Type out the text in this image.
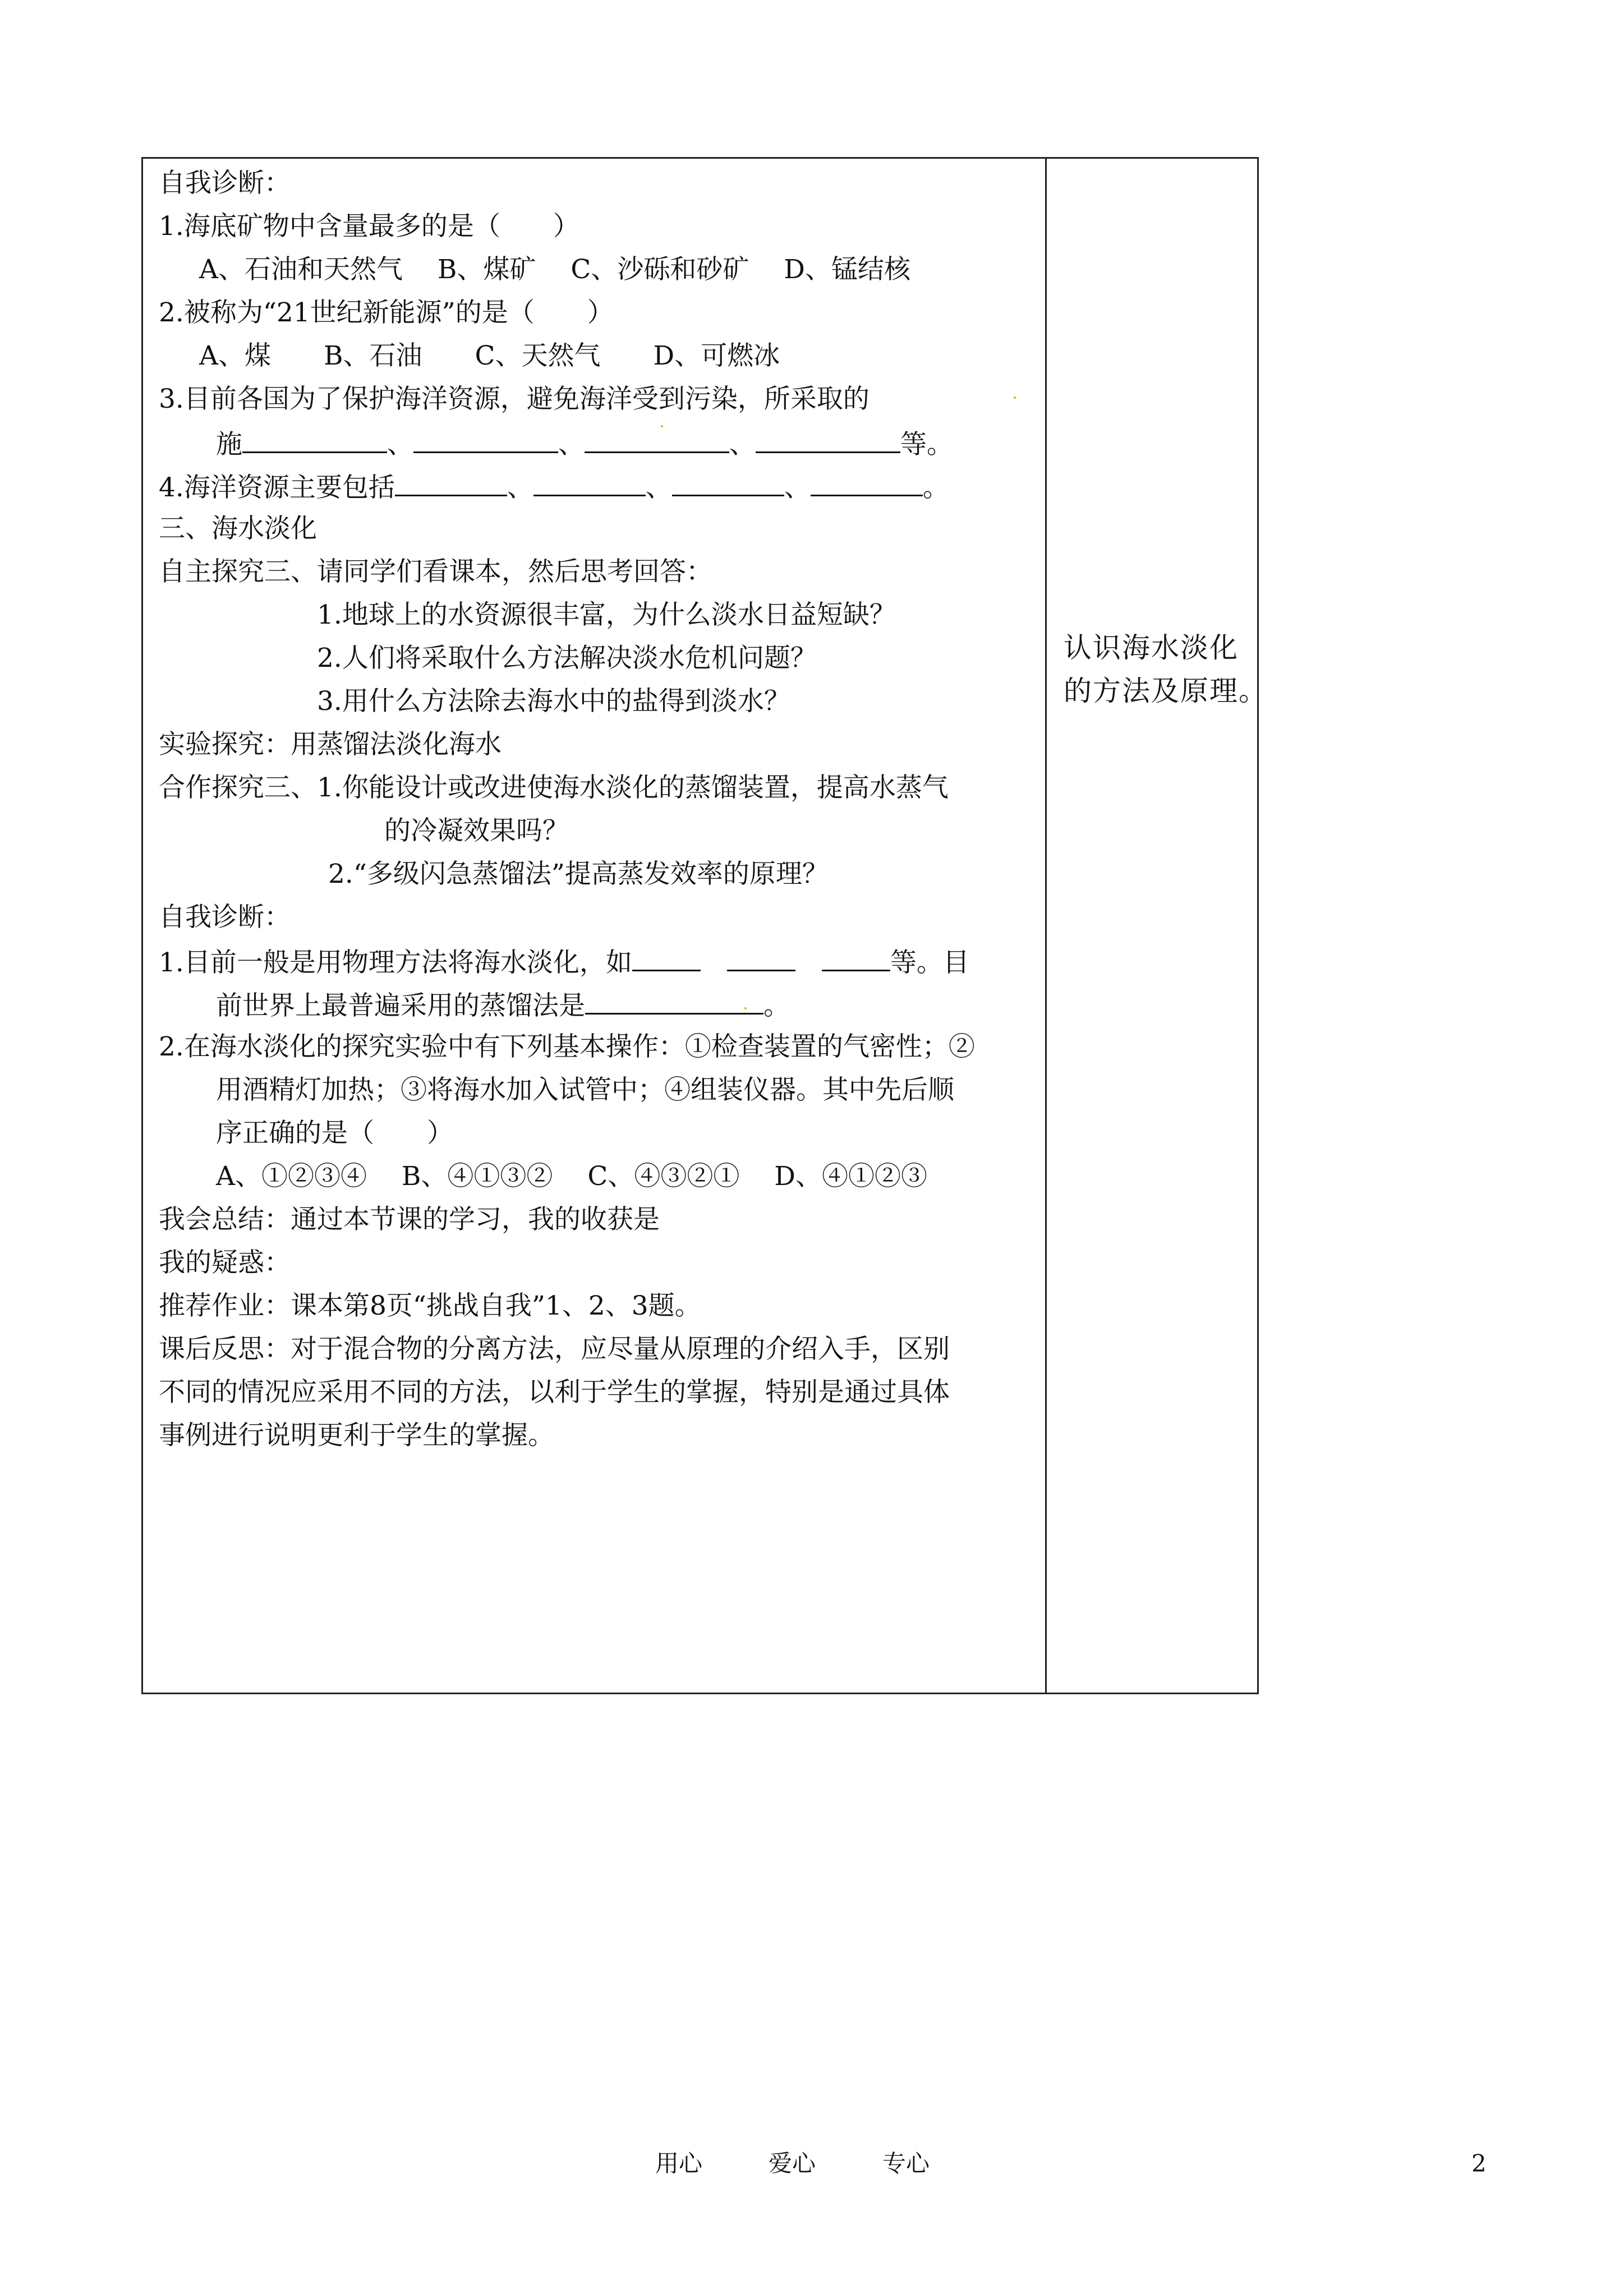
自我诊断：
1.海底矿物中含量最多的是（　　）
A、石油和天然气　 B、煤矿　 C、沙砾和砂矿　 D、锰结核
2.被称为“21世纪新能源”的是（　　）
A、煤　　B、石油　　C、天然气　　D、可燃冰
3.目前各国为了保护海洋资源，避免海洋受到污染，所采取的
施	、	、	、	等。
4.海洋资源主要包括	、	、	、	。
三、海水淡化
自主探究三、请同学们看课本，然后思考回答：
1.地球上的水资源很丰富，为什么淡水日益短缺？
2.人们将采取什么方法解决淡水危机问题？
3.用什么方法除去海水中的盐得到淡水？
实验探究：用蒸馏法淡化海水
合作探究三、1.你能设计或改进使海水淡化的蒸馏装置，提高水蒸气
的冷凝效果吗？
2.“多级闪急蒸馏法”提高蒸发效率的原理？
自我诊断：
1.目前一般是用物理方法将海水淡化，如  	等。目
前世界上最普遍采用的蒸馏法是	。
2.在海水淡化的探究实验中有下列基本操作：①检查装置的气密性；②
用酒精灯加热；③将海水加入试管中；④组装仪器。其中先后顺
序正确的是（　　）
A、①②③④　 B、④①③②　 C、④③②①　 D、④①②③
我会总结：通过本节课的学习，我的收获是
我的疑惑：
推荐作业：课本第8页“挑战自我”1、2、3题。
课后反思：对于混合物的分离方法，应尽量从原理的介绍入手，区别
不同的情况应采用不同的方法，以利于学生的掌握，特别是通过具体
事例进行说明更利于学生的掌握。
认识海水淡化
的方法及原理。
用心	爱心	专心	2
